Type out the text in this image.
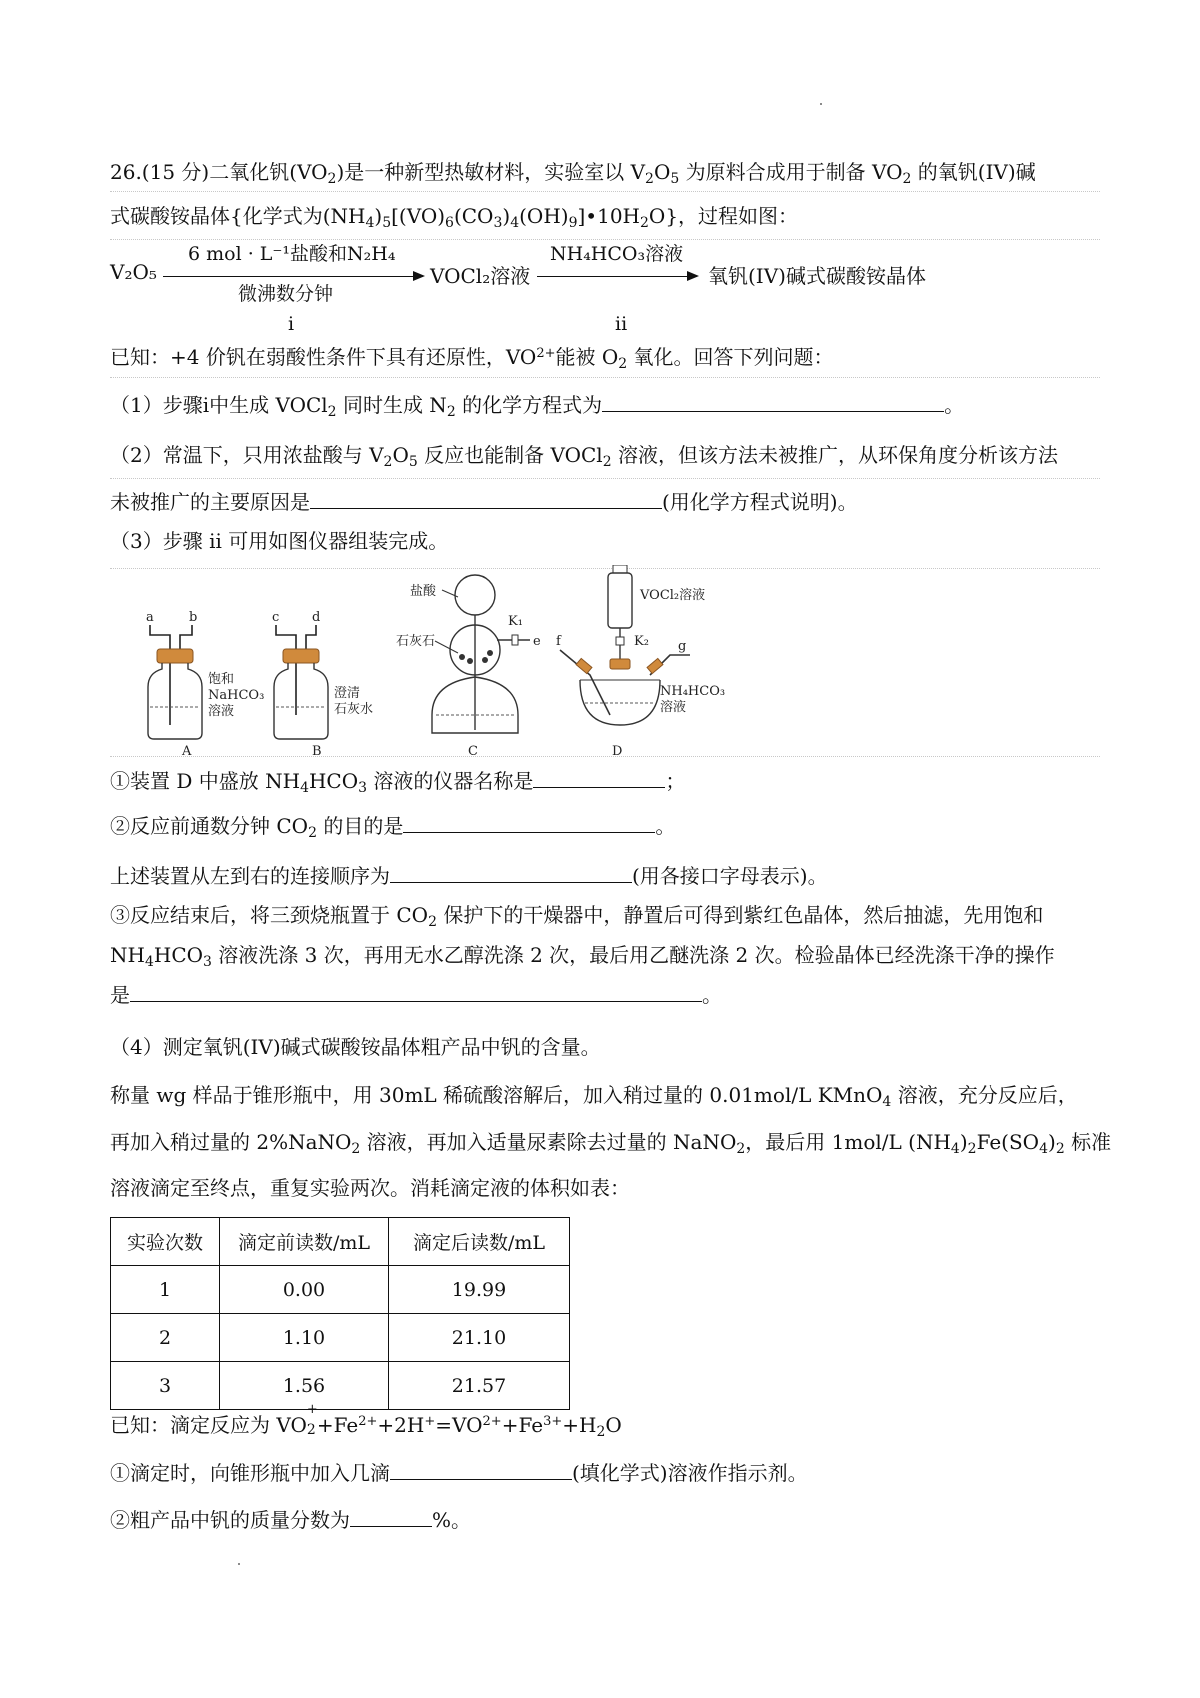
26.(15 分)二氧化钒$(VO_2)$是一种新型热敏材料，实验室以 $V_2O_5$ 为原料合成用于制备 $VO_2$ 的氧钒(IV)碱
式碳酸铵晶体{化学式为$(NH_4)_5[(VO)_6(CO_3)_4(OH)_9]•10H_2O$}，过程如图：
V₂O₅
6 mol · L⁻¹盐酸和N₂H₄
微沸数分钟
i
VOCl₂溶液
NH₄HCO₃溶液
ii
氧钒(IV)碱式碳酸铵晶体
已知：+4 价钒在弱酸性条件下具有还原性，$VO^{2+}$能被 $O_2$ 氧化。回答下列问题：
（1）步骤i中生成 VOCl$_2$ 同时生成 $N_2$ 的化学方程式为	。
（2）常温下，只用浓盐酸与 $V_2O_5$ 反应也能制备 VOCl$_2$ 溶液，但该方法未被推广，从环保角度分析该方法
未被推广的主要原因是	(用化学方程式说明)。
（3）步骤 ii 可用如图仪器组装完成。
a	b
饱和
NaHCO₃
溶液
A
c	d
澄清
石灰水
B
盐酸
K₁
e
石灰石
C
VOCl₂溶液
K₂
f	g
NH₄HCO₃
溶液
D
①装置 D 中盛放 $NH_4HCO_3$ 溶液的仪器名称是	；
②反应前通数分钟 $CO_2$ 的目的是	。
上述装置从左到右的连接顺序为	(用各接口字母表示)。
③反应结束后，将三颈烧瓶置于 $CO_2$ 保护下的干燥器中，静置后可得到紫红色晶体，然后抽滤，先用饱和
$NH_4HCO_3$ 溶液洗涤 3 次，再用无水乙醇洗涤 2 次，最后用乙醚洗涤 2 次。检验晶体已经洗涤干净的操作
是	。
（4）测定氧钒(IV)碱式碳酸铵晶体粗产品中钒的含量。
称量 wg 样品于锥形瓶中，用 30mL 稀硫酸溶解后，加入稍过量的 0.01mol/L KMnO$_4$ 溶液，充分反应后，
再加入稍过量的 2%NaNO$_2$ 溶液，再加入适量尿素除去过量的 NaNO$_2$，最后用 1mol/L $(NH_4)_2Fe(SO_4)_2$ 标准
溶液滴定至终点，重复实验两次。消耗滴定液的体积如表：
实验次数	滴定前读数/mL	滴定后读数/mL
1	0.00	19.99
2	1.10	21.10
3	1.56	21.57
已知：滴定反应为 VO
+
$2 +Fe^{2+}+2H^+=VO^{2+}+Fe^{3+}+H_2O$
①滴定时，向锥形瓶中加入几滴	(填化学式)溶液作指示剂。
②粗产品中钒的质量分数为	%。
